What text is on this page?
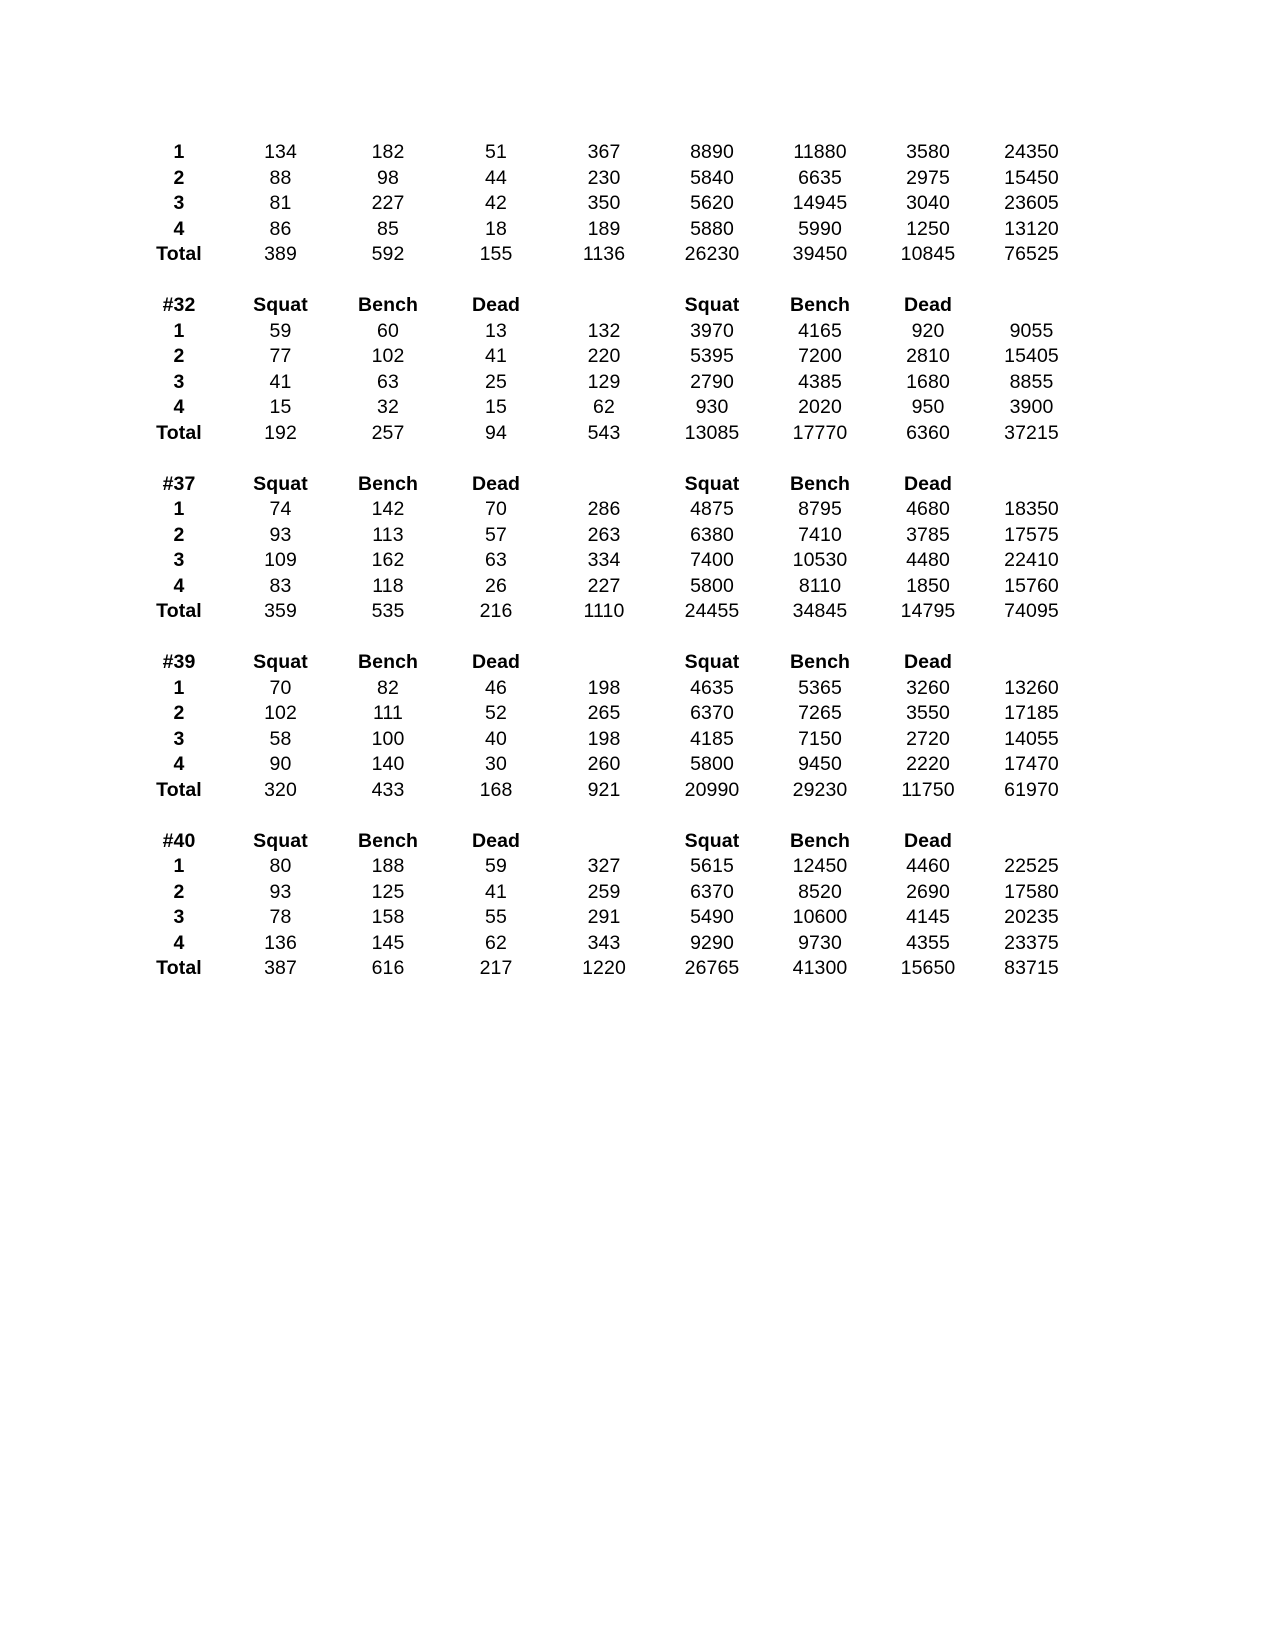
1	134	182	51	367	8890	11880	3580	24350
2	88	98	44	230	5840	6635	2975	15450
3	81	227	42	350	5620	14945	3040	23605
4	86	85	18	189	5880	5990	1250	13120
Total	389	592	155	1136	26230	39450	10845	76525

#32	Squat	Bench	Dead		Squat	Bench	Dead	
1	59	60	13	132	3970	4165	920	9055
2	77	102	41	220	5395	7200	2810	15405
3	41	63	25	129	2790	4385	1680	8855
4	15	32	15	62	930	2020	950	3900
Total	192	257	94	543	13085	17770	6360	37215

#37	Squat	Bench	Dead		Squat	Bench	Dead	
1	74	142	70	286	4875	8795	4680	18350
2	93	113	57	263	6380	7410	3785	17575
3	109	162	63	334	7400	10530	4480	22410
4	83	118	26	227	5800	8110	1850	15760
Total	359	535	216	1110	24455	34845	14795	74095

#39	Squat	Bench	Dead		Squat	Bench	Dead	
1	70	82	46	198	4635	5365	3260	13260
2	102	111	52	265	6370	7265	3550	17185
3	58	100	40	198	4185	7150	2720	14055
4	90	140	30	260	5800	9450	2220	17470
Total	320	433	168	921	20990	29230	11750	61970

#40	Squat	Bench	Dead		Squat	Bench	Dead	
1	80	188	59	327	5615	12450	4460	22525
2	93	125	41	259	6370	8520	2690	17580
3	78	158	55	291	5490	10600	4145	20235
4	136	145	62	343	9290	9730	4355	23375
Total	387	616	217	1220	26765	41300	15650	83715
